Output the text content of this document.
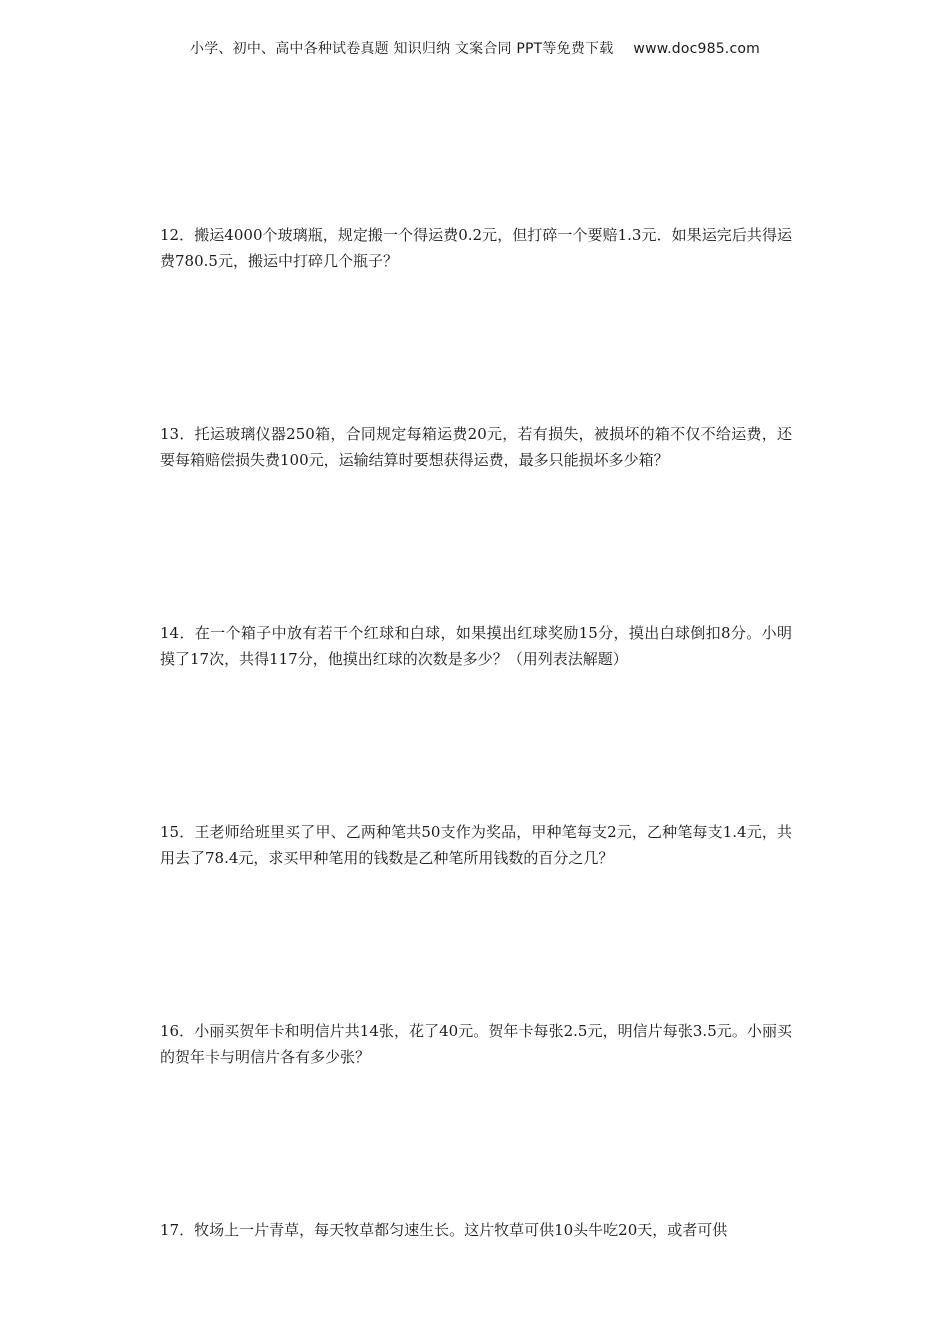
小学、初中、高中各种试卷真题 知识归纳 文案合同 PPT等免费下载 www.doc985.com

12．搬运4000个玻璃瓶，规定搬一个得运费0.2元，但打碎一个要赔1.3元．如果运完后共得运费780.5元，搬运中打碎几个瓶子？

13．托运玻璃仪器250箱，合同规定每箱运费20元，若有损失，被损坏的箱不仅不给运费，还要每箱赔偿损失费100元，运输结算时要想获得运费，最多只能损坏多少箱？

14．在一个箱子中放有若干个红球和白球，如果摸出红球奖励15分，摸出白球倒扣8分。小明摸了17次，共得117分，他摸出红球的次数是多少？（用列表法解题）

15．王老师给班里买了甲、乙两种笔共50支作为奖品，甲种笔每支2元，乙种笔每支1.4元，共用去了78.4元，求买甲种笔用的钱数是乙种笔所用钱数的百分之几？

16．小丽买贺年卡和明信片共14张，花了40元。贺年卡每张2.5元，明信片每张3.5元。小丽买的贺年卡与明信片各有多少张？

17．牧场上一片青草，每天牧草都匀速生长。这片牧草可供10头牛吃20天，或者可供
